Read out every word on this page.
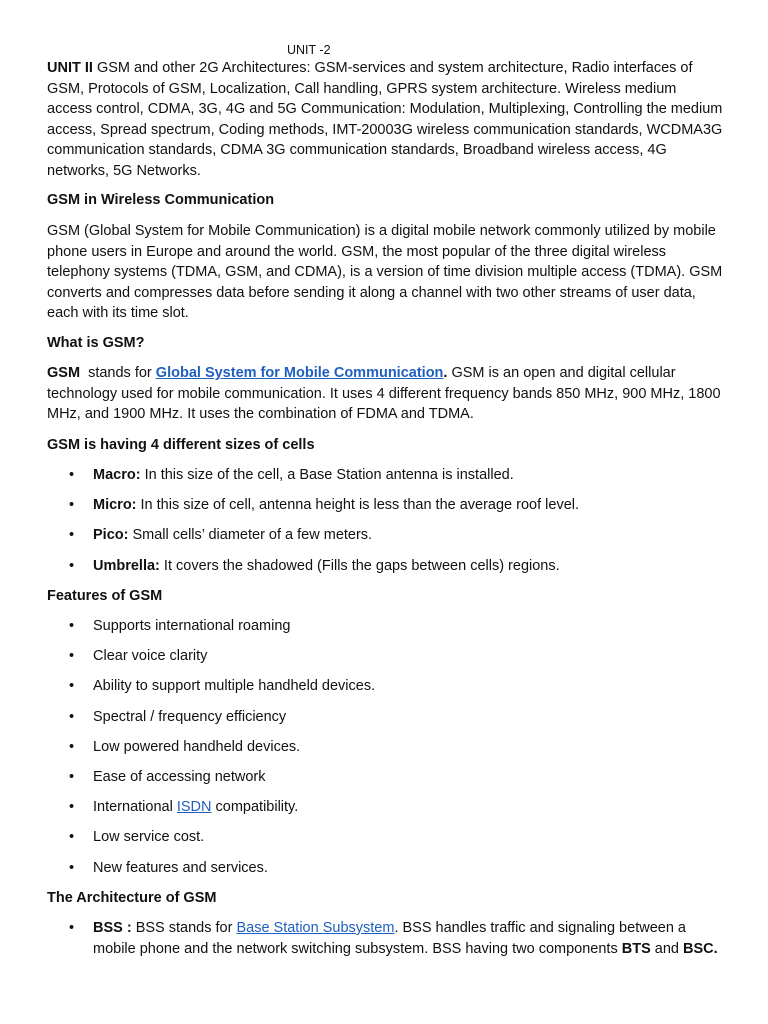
UNIT -2

UNIT II GSM and other 2G Architectures: GSM-services and system architecture, Radio interfaces of GSM, Protocols of GSM, Localization, Call handling, GPRS system architecture. Wireless medium access control, CDMA, 3G, 4G and 5G Communication: Modulation, Multiplexing, Controlling the medium access, Spread spectrum, Coding methods, IMT-20003G wireless communication standards, WCDMA3G communication standards, CDMA 3G communication standards, Broadband wireless access, 4G networks, 5G Networks.

GSM in Wireless Communication

GSM (Global System for Mobile Communication) is a digital mobile network commonly utilized by mobile phone users in Europe and around the world. GSM, the most popular of the three digital wireless telephony systems (TDMA, GSM, and CDMA), is a version of time division multiple access (TDMA). GSM converts and compresses data before sending it along a channel with two other streams of user data, each with its time slot.

What is GSM?

GSM  stands for Global System for Mobile Communication. GSM is an open and digital cellular technology used for mobile communication. It uses 4 different frequency bands 850 MHz, 900 MHz, 1800 MHz, and 1900 MHz. It uses the combination of FDMA and TDMA.

GSM is having 4 different sizes of cells

• Macro: In this size of the cell, a Base Station antenna is installed.
• Micro: In this size of cell, antenna height is less than the average roof level.
• Pico: Small cells’ diameter of a few meters.
• Umbrella: It covers the shadowed (Fills the gaps between cells) regions.

Features of GSM

• Supports international roaming
• Clear voice clarity
• Ability to support multiple handheld devices.
• Spectral / frequency efficiency
• Low powered handheld devices.
• Ease of accessing network
• International ISDN compatibility.
• Low service cost.
• New features and services.

The Architecture of GSM

• BSS : BSS stands for Base Station Subsystem. BSS handles traffic and signaling between a mobile phone and the network switching subsystem. BSS having two components BTS and BSC.
